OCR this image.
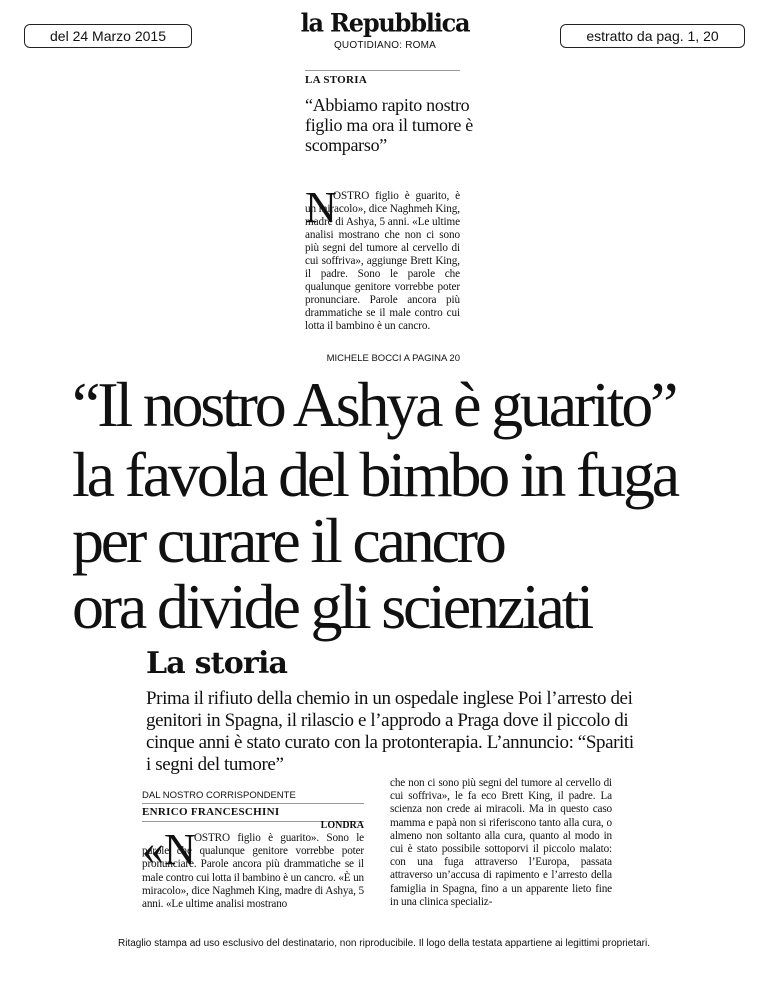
del 24 Marzo 2015	la Repubblica
QUOTIDIANO: ROMA
estratto da pag. 1, 20
LA STORIA
“Abbiamo rapito nostro figlio ma ora il tumore è scomparso”
N
OSTRO figlio è guarito, è un miracolo», dice Naghmeh King, madre di Ashya, 5 anni. «Le ultime analisi mostrano che non ci sono più segni del tumore al cervello di cui soffriva», aggiunge Brett King, il padre. Sono le parole che qualunque genitore vorrebbe poter pronunciare. Parole ancora più drammatiche se il male contro cui lotta il bambino è un cancro.
MICHELE BOCCI A PAGINA 20
“Il nostro Ashya è guarito”
la favola del bimbo in fuga
per curare il cancro
ora divide gli scienziati
La storia
Prima il rifiuto della chemio in un ospedale inglese Poi l’arresto dei genitori in Spagna, il rilascio e l’approdo a Praga dove il piccolo di cinque anni è stato curato con la protonterapia. L’annuncio: “Spariti i segni del tumore”
DAL NOSTRO CORRISPONDENTE
ENRICO FRANCESCHINI
LONDRA
«N
OSTRO figlio è guarito». Sono le parole che qualunque genitore vorrebbe poter pronunciare. Parole ancora più drammatiche se il male contro cui lotta il bambino è un cancro. «È un miracolo», dice Naghmeh King, madre di Ashya, 5 anni. «Le ultime analisi mostrano
che non ci sono più segni del tumore al cervello di cui soffriva», le fa eco Brett King, il padre. La scienza non crede ai miracoli. Ma in questo caso mamma e papà non si riferiscono tanto alla cura, o almeno non soltanto alla cura, quanto al modo in cui è stato possibile sottoporvi il piccolo malato: con una fuga attraverso l’Europa, passata attraverso un’accusa di rapimento e l’arresto della famiglia in Spagna, fino a un apparente lieto fine in una clinica specializ-
Ritaglio stampa ad uso esclusivo del destinatario, non riproducibile. Il logo della testata appartiene ai legittimi proprietari.
